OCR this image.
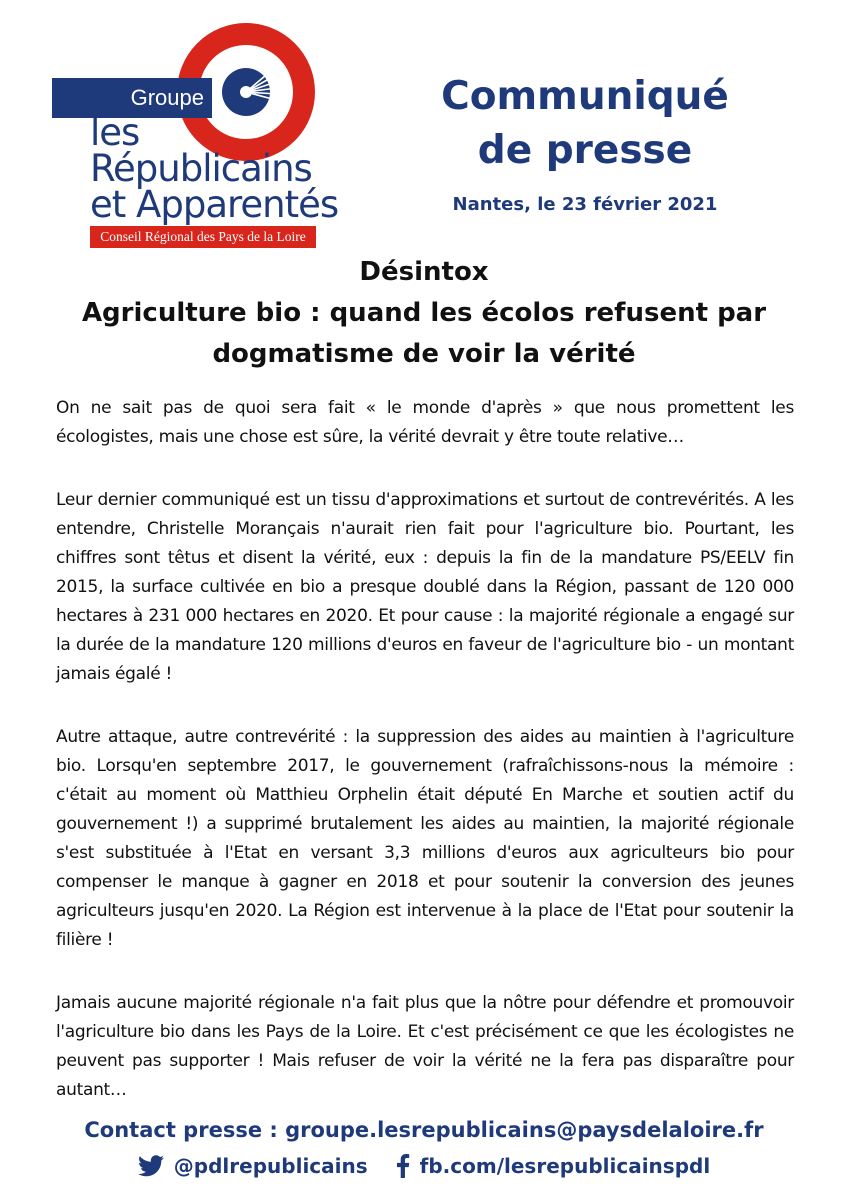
Groupe
les
Républicains
et Apparentés
Conseil Régional des Pays de la Loire
Communiqué
de presse
Nantes, le 23 février 2021
Désintox
Agriculture bio : quand les écolos refusent par
dogmatisme de voir la vérité

On ne sait pas de quoi sera fait « le monde d'après » que nous promettent les écologistes, mais une chose est sûre, la vérité devrait y être toute relative…

Leur dernier communiqué est un tissu d'approximations et surtout de contrevérités. A les entendre, Christelle Morançais n'aurait rien fait pour l'agriculture bio. Pourtant, les chiffres sont têtus et disent la vérité, eux : depuis la fin de la mandature PS/EELV fin 2015, la surface cultivée en bio a presque doublé dans la Région, passant de 120 000 hectares à 231 000 hectares en 2020. Et pour cause : la majorité régionale a engagé sur la durée de la mandature 120 millions d'euros en faveur de l'agriculture bio - un montant jamais égalé !

Autre attaque, autre contrevérité : la suppression des aides au maintien à l'agriculture bio. Lorsqu'en septembre 2017, le gouvernement (rafraîchissons-nous la mémoire : c'était au moment où Matthieu Orphelin était député En Marche et soutien actif du gouvernement !) a supprimé brutalement les aides au maintien, la majorité régionale s'est substituée à l'Etat en versant 3,3 millions d'euros aux agriculteurs bio pour compenser le manque à gagner en 2018 et pour soutenir la conversion des jeunes agriculteurs jusqu'en 2020. La Région est intervenue à la place de l'Etat pour soutenir la filière !

Jamais aucune majorité régionale n'a fait plus que la nôtre pour défendre et promouvoir l'agriculture bio dans les Pays de la Loire. Et c'est précisément ce que les écologistes ne peuvent pas supporter ! Mais refuser de voir la vérité ne la fera pas disparaître pour autant…

Contact presse : groupe.lesrepublicains@paysdelaloire.fr
@pdlrepublicains	fb.com/lesrepublicainspdl
